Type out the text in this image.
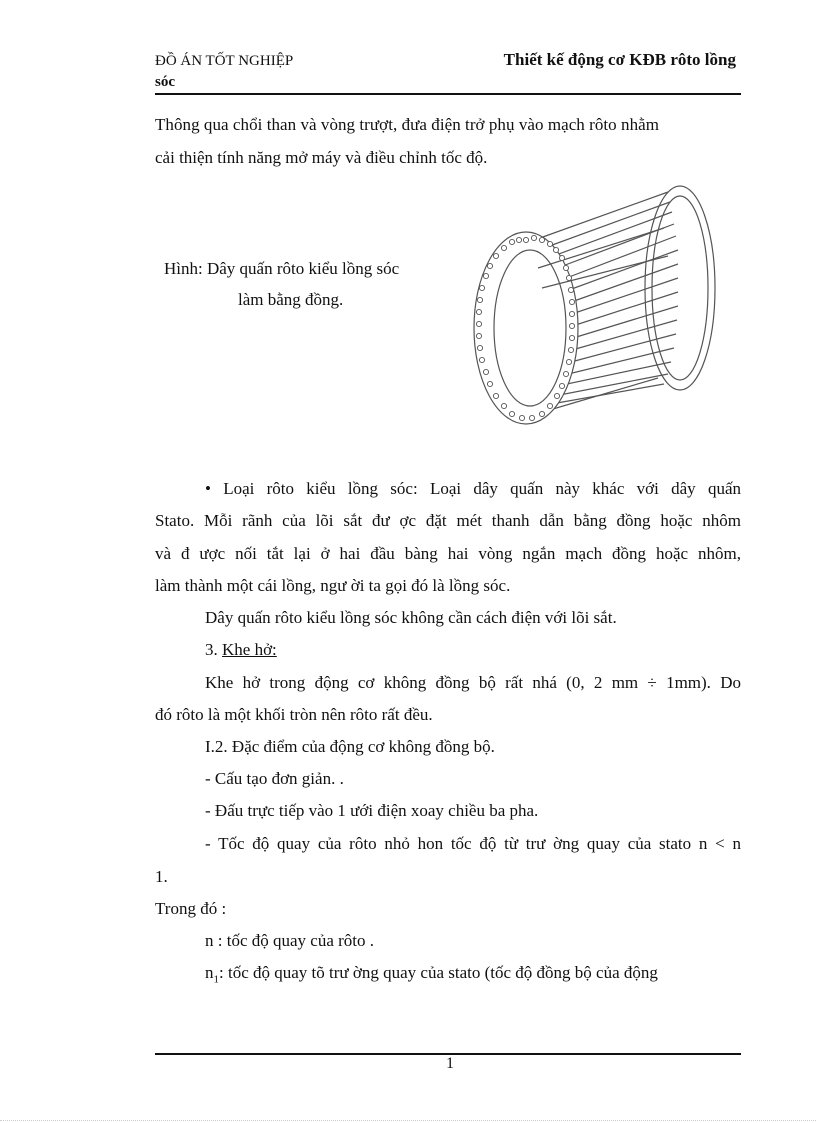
ĐỒ ÁN TỐT NGHIỆP
sóc
Thiết kế động cơ KĐB rôto lồng
Thông qua chổi than và vòng trượt, đưa điện trở phụ vào mạch rôto nhằm
cải thiện tính năng mở máy và điều chỉnh tốc độ.
Hình: Dây quấn rôto kiểu lồng sóc
làm bằng đồng.
• Loại rôto kiểu lồng sóc: Loại dây quấn này khác với dây quấn
Stato. Mỗi rãnh của lõi sắt đư ợc đặt mét thanh dẫn bằng đồng hoặc nhôm
và đ ược nối tắt lại ở hai đầu bàng hai vòng ngắn mạch đồng hoặc nhôm,
làm thành một cái lồng, ngư ời ta gọi đó là lồng sóc.
Dây quấn rôto kiểu lồng sóc không cần cách điện với lõi sắt.
3. Khe hở:
Khe hở trong động cơ không đồng bộ rất nhá (0, 2 mm ÷ 1mm). Do
đó rôto là một khối tròn nên rôto rất đều.
I.2. Đặc điểm của động cơ không đồng bộ.
- Cấu tạo đơn giản. .
- Đấu trực tiếp vào 1 ưới điện xoay chiều ba pha.
- Tốc độ quay của rôto nhỏ hon tốc độ từ trư ờng quay của stato n < n
1.
Trong đó :
n : tốc độ quay của rôto .
$n_1$: tốc độ quay tõ trư ờng quay của stato (tốc độ đồng bộ của động
1
